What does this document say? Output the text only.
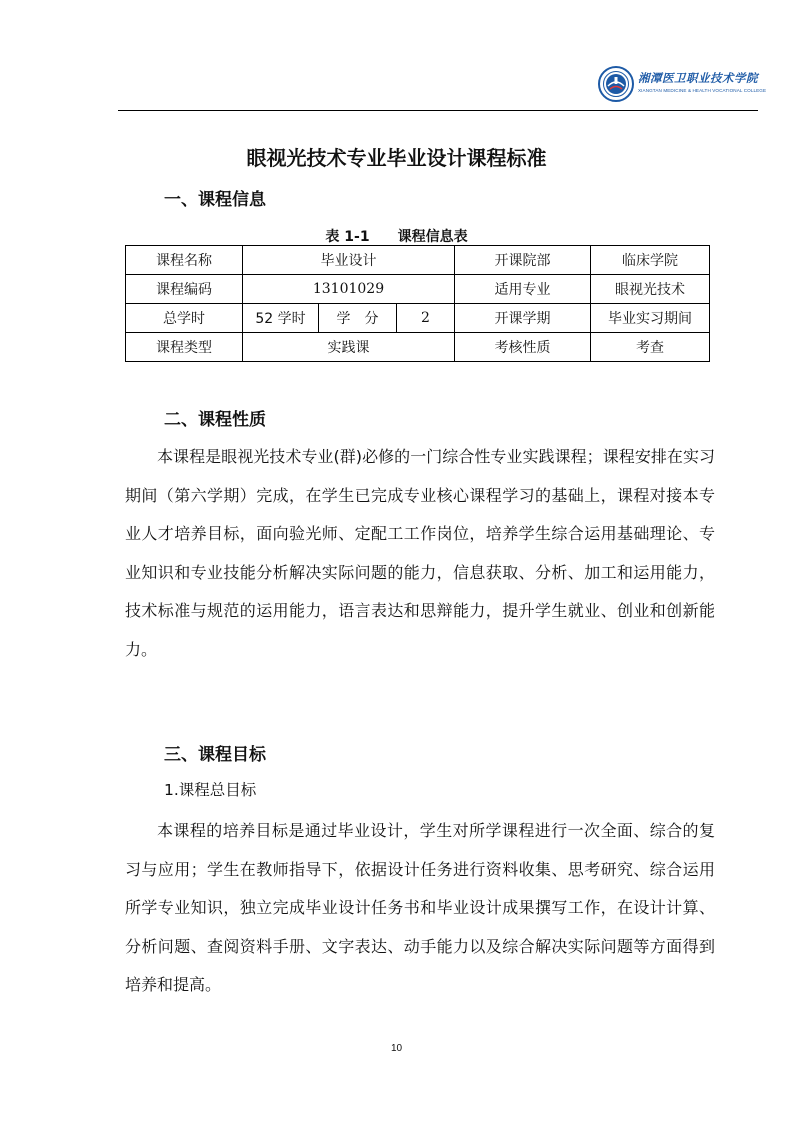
湘潭医卫职业技术学院
XIANGTAN MEDICINE & HEALTH VOCATIONAL COLLEGE
眼视光技术专业毕业设计课程标准
一、课程信息
表 1-1　　课程信息表
课程名称	毕业设计			开课院部	临床学院
课程编码	13101029			适用专业	眼视光技术
总学时	52 学时	学　分	2	开课学期	毕业实习期间
课程类型	实践课			考核性质	考查
二、课程性质

本课程是眼视光技术专业(群)必修的一门综合性专业实践课程；课程安排在实习期间（第六学期）完成，在学生已完成专业核心课程学习的基础上，课程对接本专业人才培养目标，面向验光师、定配工工作岗位，培养学生综合运用基础理论、专业知识和专业技能分析解决实际问题的能力，信息获取、分析、加工和运用能力，技术标准与规范的运用能力，语言表达和思辩能力，提升学生就业、创业和创新能力。

三、课程目标
1.课程总目标

本课程的培养目标是通过毕业设计，学生对所学课程进行一次全面、综合的复习与应用；学生在教师指导下，依据设计任务进行资料收集、思考研究、综合运用所学专业知识，独立完成毕业设计任务书和毕业设计成果撰写工作，在设计计算、分析问题、查阅资料手册、文字表达、动手能力以及综合解决实际问题等方面得到培养和提高。

10
